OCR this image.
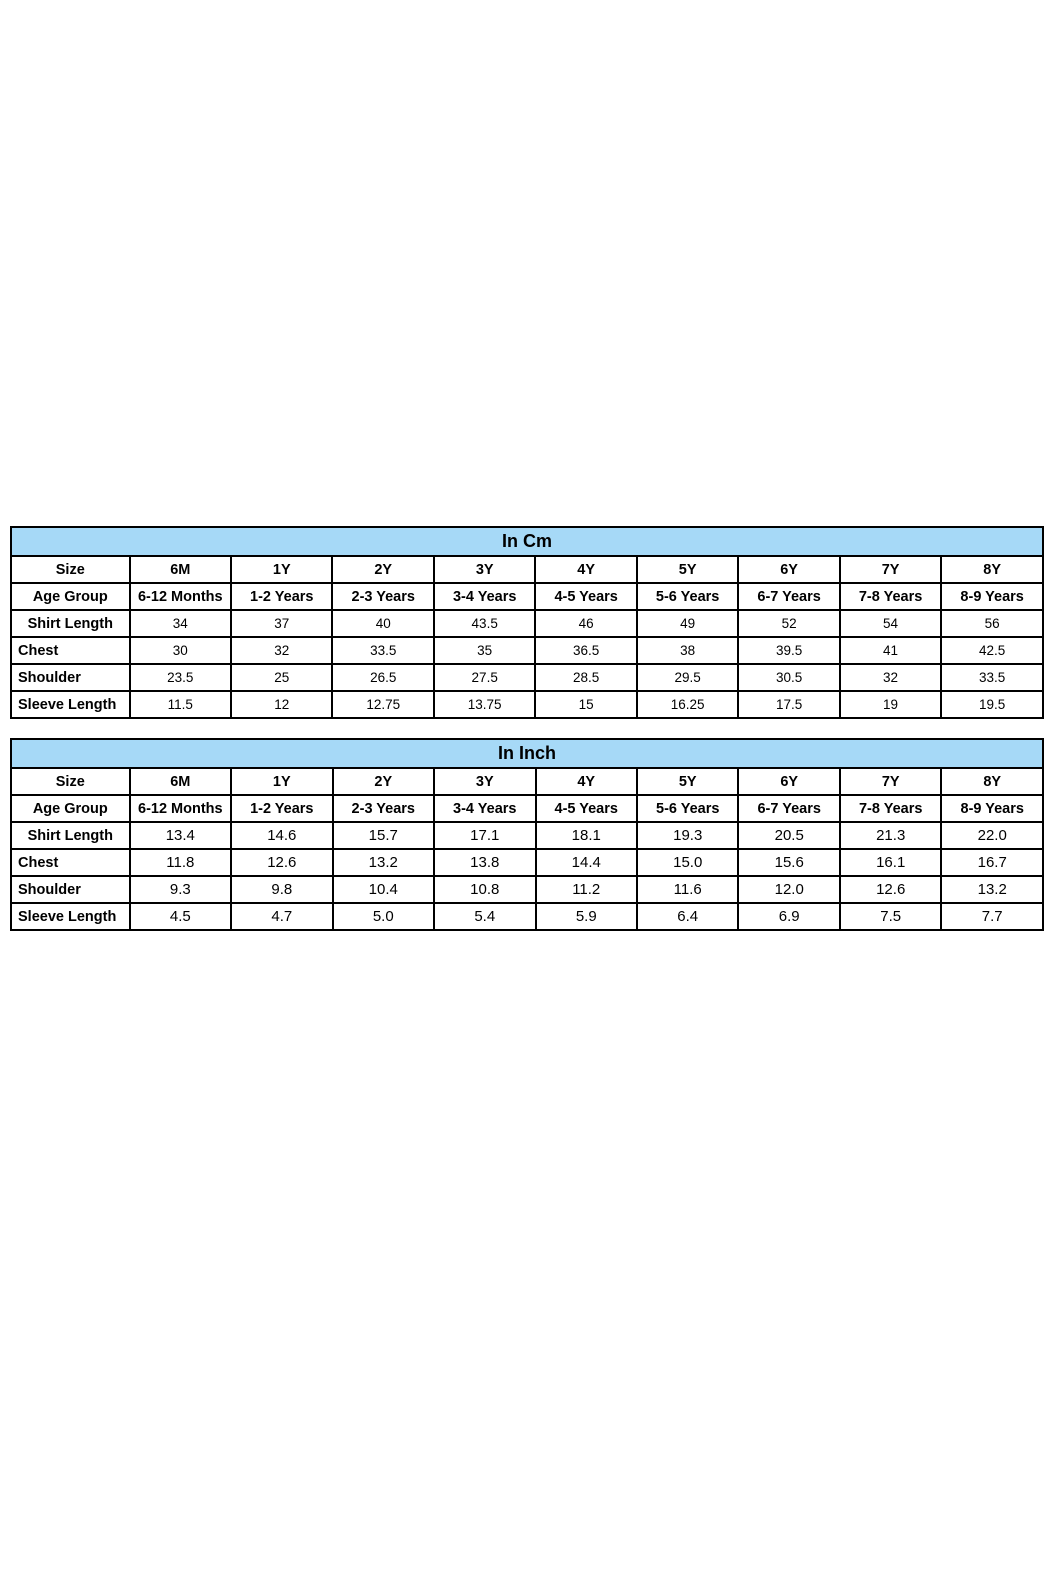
In Cm									
Size	6M	1Y	2Y	3Y	4Y	5Y	6Y	7Y	8Y
Age Group	6-12 Months	1-2 Years	2-3 Years	3-4 Years	4-5 Years	5-6 Years	6-7 Years	7-8 Years	8-9 Years
Shirt Length	34	37	40	43.5	46	49	52	54	56
Chest	30	32	33.5	35	36.5	38	39.5	41	42.5
Shoulder	23.5	25	26.5	27.5	28.5	29.5	30.5	32	33.5
Sleeve Length	11.5	12	12.75	13.75	15	16.25	17.5	19	19.5
In Inch									
Size	6M	1Y	2Y	3Y	4Y	5Y	6Y	7Y	8Y
Age Group	6-12 Months	1-2 Years	2-3 Years	3-4 Years	4-5 Years	5-6 Years	6-7 Years	7-8 Years	8-9 Years
Shirt Length	13.4	14.6	15.7	17.1	18.1	19.3	20.5	21.3	22.0
Chest	11.8	12.6	13.2	13.8	14.4	15.0	15.6	16.1	16.7
Shoulder	9.3	9.8	10.4	10.8	11.2	11.6	12.0	12.6	13.2
Sleeve Length	4.5	4.7	5.0	5.4	5.9	6.4	6.9	7.5	7.7
